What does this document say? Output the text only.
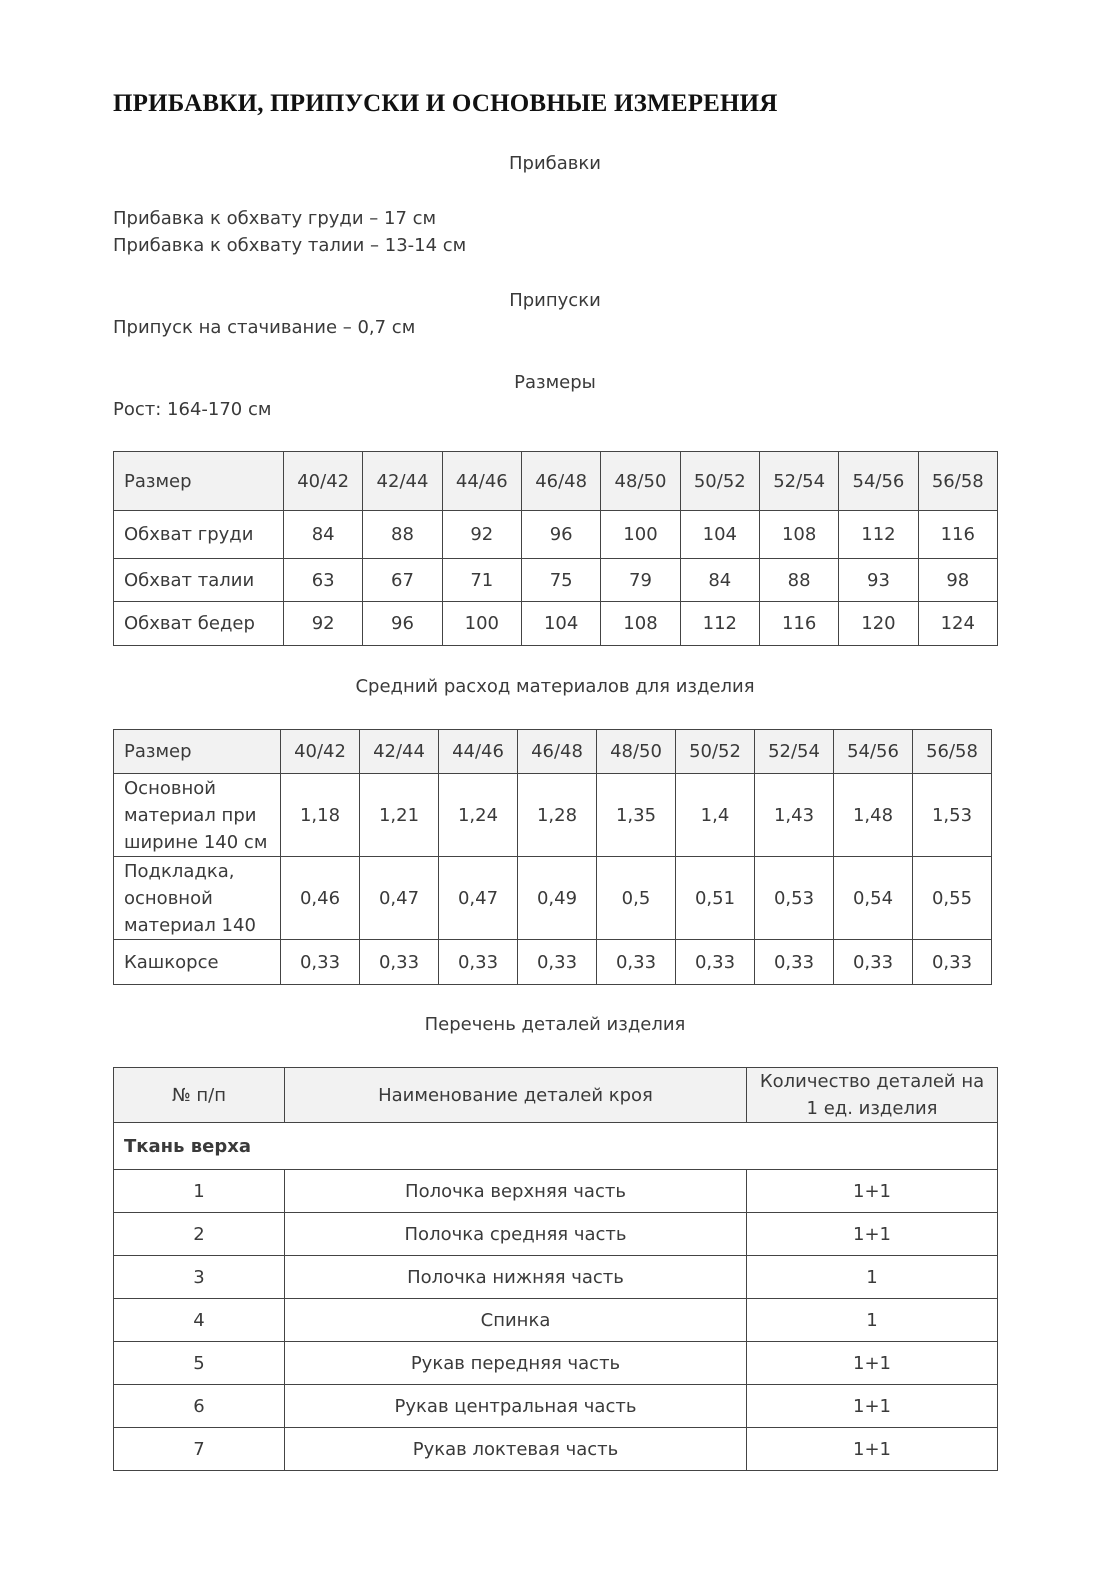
ПРИБАВКИ, ПРИПУСКИ И ОСНОВНЫЕ ИЗМЕРЕНИЯ
Прибавки
Прибавка к обхвату груди – 17 см
Прибавка к обхвату талии – 13-14 см
Припуски
Припуск на стачивание – 0,7 см
Размеры
Рост: 164-170 см
Размер	40/42	42/44	44/46	46/48	48/50	50/52	52/54	54/56	56/58
Обхват груди	84	88	92	96	100	104	108	112	116
Обхват талии	63	67	71	75	79	84	88	93	98
Обхват бедер	92	96	100	104	108	112	116	120	124
Средний расход материалов для изделия
Размер	40/42	42/44	44/46	46/48	48/50	50/52	52/54	54/56	56/58

Основной
материал при
ширине 140 см	1,18	1,21	1,24	1,28	1,35	1,4	1,43	1,48	1,53

Подкладка,
основной
материал 140	0,46	0,47	0,47	0,49	0,5	0,51	0,53	0,54	0,55

Кашкорсе	0,33	0,33	0,33	0,33	0,33	0,33	0,33	0,33	0,33
Перечень деталей изделия
№ п/п	Наименование деталей кроя	Количество деталей на
1 ед. изделия

Ткань верха		
1	Полочка верхняя часть	1+1
2	Полочка средняя часть	1+1
3	Полочка нижняя часть	1
4	Спинка	1
5	Рукав передняя часть	1+1
6	Рукав центральная часть	1+1
7	Рукав локтевая часть	1+1
